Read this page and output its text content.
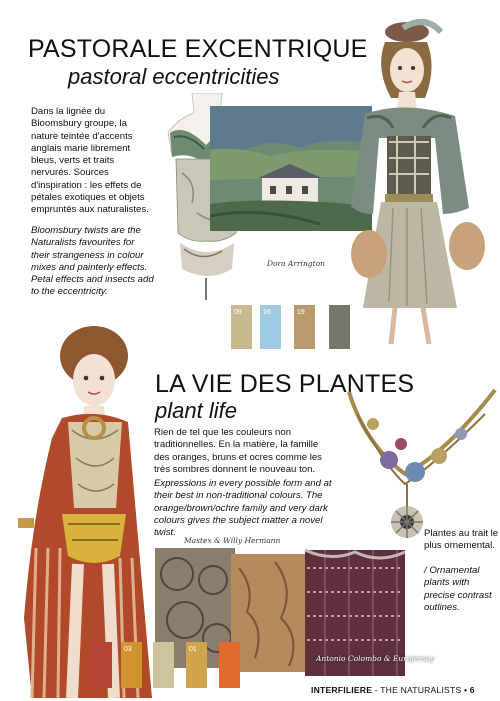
PASTORALE EXCENTRIQUE
pastoral eccentricities
Dans la lignée du Bloomsbury groupe, la nature teintée d'accents anglais marie librement bleus, verts et traits nervurés. Sources d'inspiration : les effets de pétales exotiques et objets empruntés aux naturalistes.
Bloomsbury twists are the Naturalists favourites for their strangeness in colour mixes and painterly effects. Petal effects and insects add to the eccentricity.
Dora Arrington
09	16	19
LA VIE DES PLANTES
plant life
Rien de tel que les couleurs non traditionnelles. En la matière, la famille des oranges, bruns et ocres comme les très sombres donnent le nouveau ton.
Expressions in every possible form and at their best in non-traditional colours. The orange/brown/ochre family and very dark colours gives the subject matter a novel twist.
Mastex & Willy Hermann
Plantes au trait le plus ornemental.
/ Ornamental plants with precise contrast outlines.
Antonio Colombo & Eurojersey
03	01
INTERFILIERE - THE NATURALISTS • 6
